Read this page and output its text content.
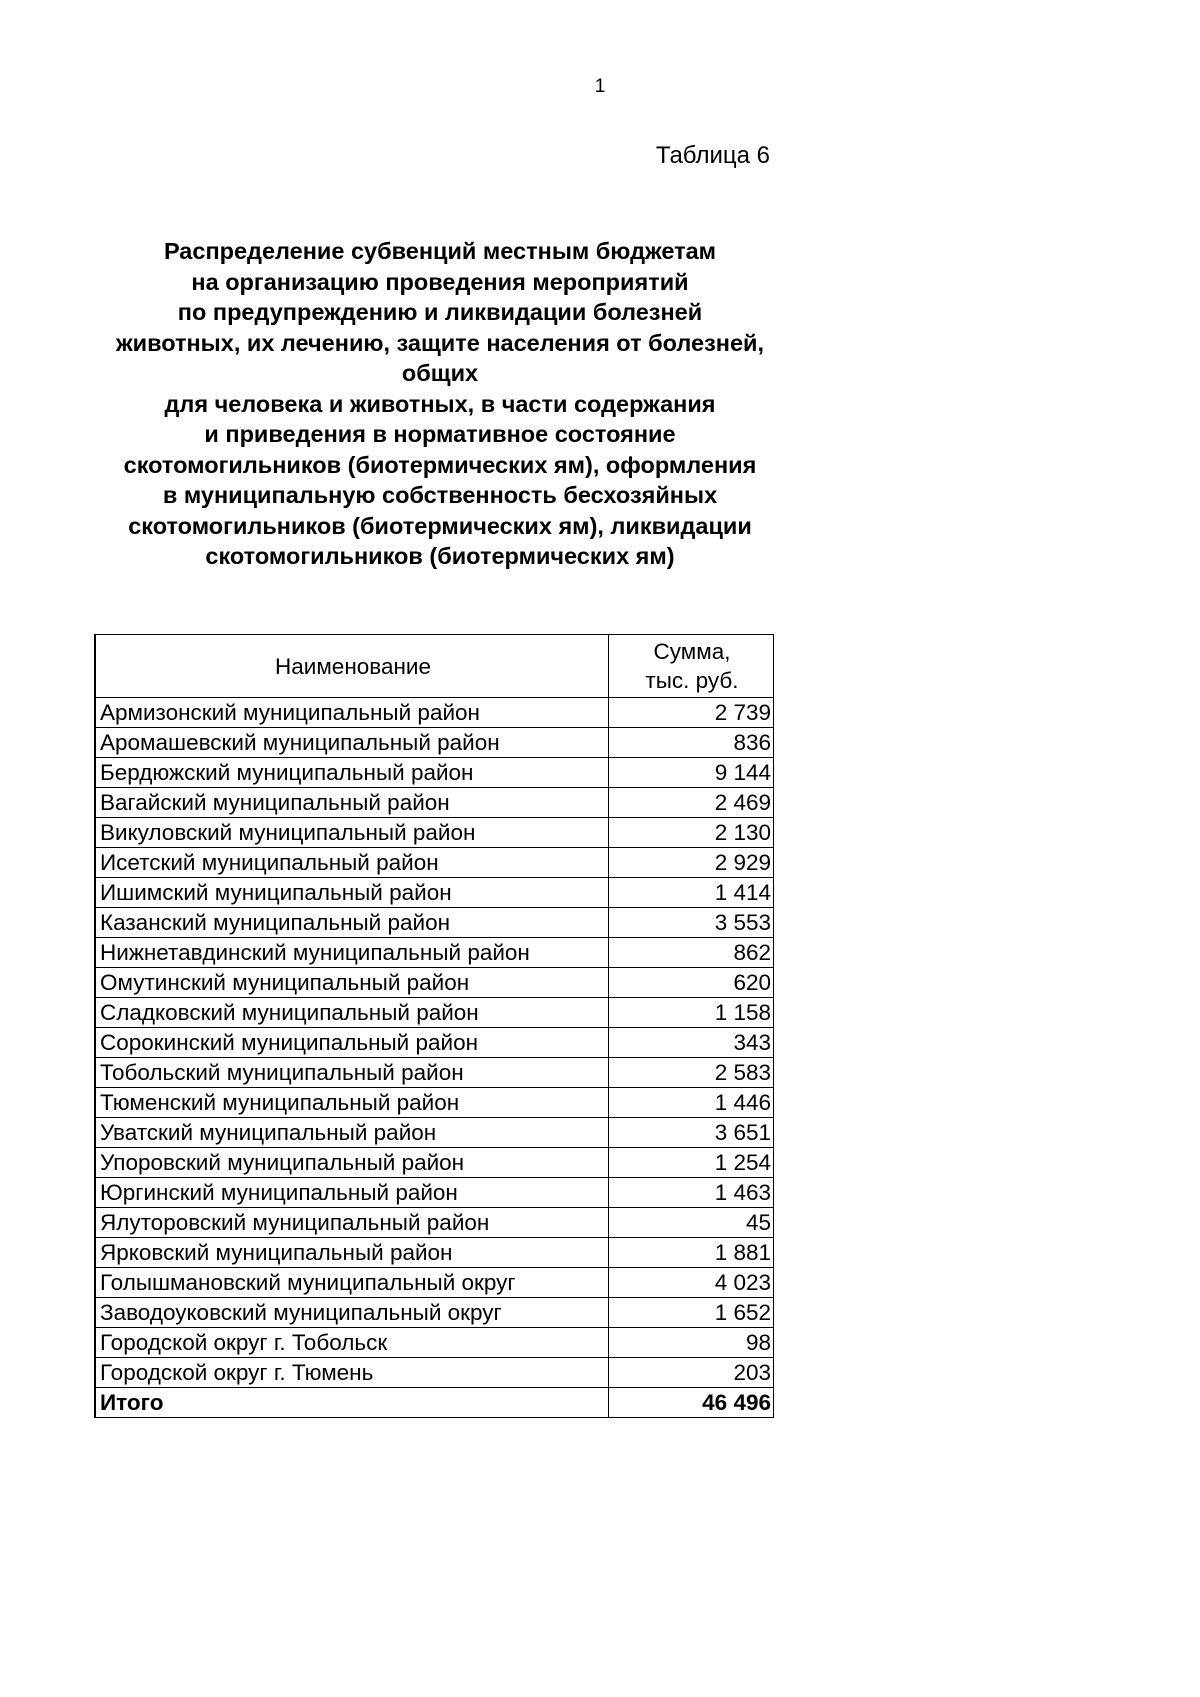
1
Таблица 6
Распределение субвенций местным бюджетам
на организацию проведения мероприятий
по предупреждению и ликвидации болезней
животных, их лечению, защите населения от болезней,
общих
для человека и животных, в части содержания
и приведения в нормативное состояние
скотомогильников (биотермических ям), оформления
в муниципальную собственность бесхозяйных
скотомогильников (биотермических ям), ликвидации
скотомогильников (биотермических ям)
Наименование	Сумма,
тыс. руб.
Армизонский муниципальный район	2 739
Аромашевский муниципальный район	836
Бердюжский муниципальный район	9 144
Вагайский муниципальный район	2 469
Викуловский муниципальный район	2 130
Исетский муниципальный район	2 929
Ишимский муниципальный район	1 414
Казанский муниципальный район	3 553
Нижнетавдинский муниципальный район	862
Омутинский муниципальный район	620
Сладковский муниципальный район	1 158
Сорокинский муниципальный район	343
Тобольский муниципальный район	2 583
Тюменский муниципальный район	1 446
Уватский муниципальный район	3 651
Упоровский муниципальный район	1 254
Юргинский муниципальный район	1 463
Ялуторовский муниципальный район	45
Ярковский муниципальный район	1 881
Голышмановский муниципальный округ	4 023
Заводоуковский муниципальный округ	1 652
Городской округ г. Тобольск	98
Городской округ г. Тюмень	203
Итого	46 496
